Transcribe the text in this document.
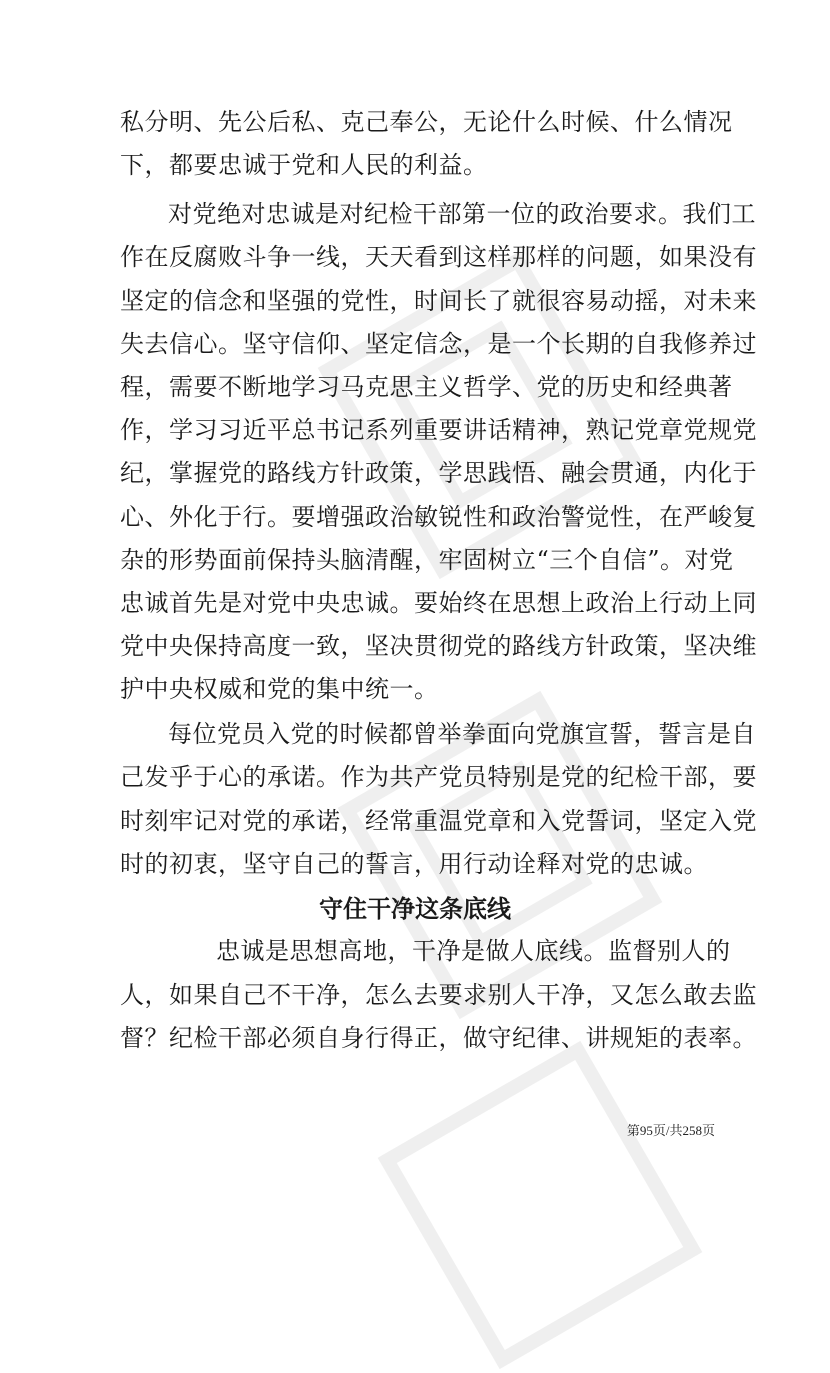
私分明、先公后私、克己奉公，无论什么时候、什么情况
下，都要忠诚于党和人民的利益。
对党绝对忠诚是对纪检干部第一位的政治要求。我们工
作在反腐败斗争一线，天天看到这样那样的问题，如果没有
坚定的信念和坚强的党性，时间长了就很容易动摇，对未来
失去信心。坚守信仰、坚定信念，是一个长期的自我修养过
程，需要不断地学习马克思主义哲学、党的历史和经典著
作，学习习近平总书记系列重要讲话精神，熟记党章党规党
纪，掌握党的路线方针政策，学思践悟、融会贯通，内化于
心、外化于行。要增强政治敏锐性和政治警觉性，在严峻复
杂的形势面前保持头脑清醒，牢固树立“三个自信”。对党
忠诚首先是对党中央忠诚。要始终在思想上政治上行动上同
党中央保持高度一致，坚决贯彻党的路线方针政策，坚决维
护中央权威和党的集中统一。
每位党员入党的时候都曾举拳面向党旗宣誓，誓言是自
己发乎于心的承诺。作为共产党员特别是党的纪检干部，要
时刻牢记对党的承诺，经常重温党章和入党誓词，坚定入党
时的初衷，坚守自己的誓言，用行动诠释对党的忠诚。
守住干净这条底线
忠诚是思想高地，干净是做人底线。监督别人的
人，如果自己不干净，怎么去要求别人干净，又怎么敢去监
督？纪检干部必须自身行得正，做守纪律、讲规矩的表率。
第95页/共258页
